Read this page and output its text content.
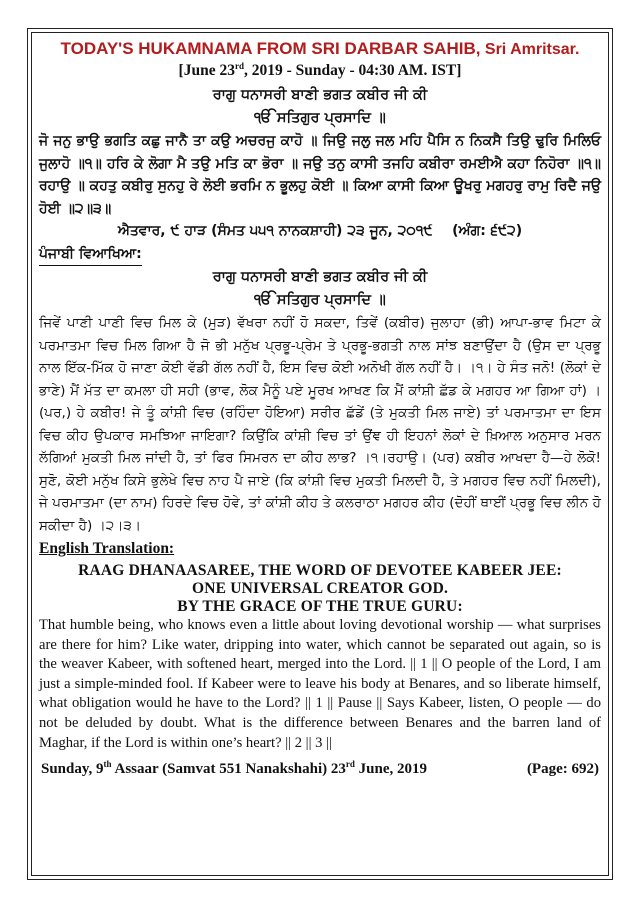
TODAY'S HUKAMNAMA FROM SRI DARBAR SAHIB, Sri Amritsar.
[June 23rd, 2019 - Sunday - 04:30 AM. IST]
ਰਾਗੁ ਧਨਾਸਰੀ ਬਾਣੀ ਭਗਤ ਕਬੀਰ ਜੀ ਕੀ
ੴ ਸਤਿਗੁਰ ਪ੍ਰਸਾਦਿ ॥
ਜੋ ਜਨੁ ਭਾਉ ਭਗਤਿ ਕਛੁ ਜਾਨੈ ਤਾ ਕਉ ਅਚਰਜੁ ਕਾਹੋ ॥ ਜਿਉ ਜਲੁ ਜਲ ਮਹਿ ਪੈਸਿ ਨ ਨਿਕਸੈ ਤਿਉ ਢੁਰਿ ਮਿਲਿਓ ਜੁਲਾਹੋ ॥੧॥ ਹਰਿ ਕੇ ਲੋਗਾ ਮੈ ਤਉ ਮਤਿ ਕਾ ਭੋਰਾ ॥ ਜਉ ਤਨੁ ਕਾਸੀ ਤਜਹਿ ਕਬੀਰਾ ਰਮਈਐ ਕਹਾ ਨਿਹੋਰਾ ॥੧॥ ਰਹਾਉ ॥ ਕਹਤੁ ਕਬੀਰੁ ਸੁਨਹੁ ਰੇ ਲੋਈ ਭਰਮਿ ਨ ਭੂਲਹੁ ਕੋਈ ॥ ਕਿਆ ਕਾਸੀ ਕਿਆ ਊਖਰੁ ਮਗਹਰੁ ਰਾਮੁ ਰਿਦੈ ਜਉ ਹੋਈ ॥੨॥੩॥
ਐਤਵਾਰ, ੯ ਹਾੜ (ਸੰਮਤ ੫੫੧ ਨਾਨਕਸ਼ਾਹੀ) ੨੩ ਜੂਨ, ੨੦੧੯ (ਅੰਗ: ੬੯੨)
ਪੰਜਾਬੀ ਵਿਆਖਿਆ:
ਰਾਗੁ ਧਨਾਸਰੀ ਬਾਣੀ ਭਗਤ ਕਬੀਰ ਜੀ ਕੀ
ੴ ਸਤਿਗੁਰ ਪ੍ਰਸਾਦਿ ॥
ਜਿਵੇਂ ਪਾਣੀ ਪਾਣੀ ਵਿਚ ਮਿਲ ਕੇ (ਮੁੜ) ਵੱਖਰਾ ਨਹੀਂ ਹੋ ਸਕਦਾ, ਤਿਵੇਂ (ਕਬੀਰ) ਜੁਲਾਹਾ (ਭੀ) ਆਪਾ-ਭਾਵ ਮਿਟਾ ਕੇ ਪਰਮਾਤਮਾ ਵਿਚ ਮਿਲ ਗਿਆ ਹੈ ਜੋ ਭੀ ਮਨੁੱਖ ਪ੍ਰਭੂ-ਪ੍ਰੇਮ ਤੇ ਪ੍ਰਭੂ-ਭਗਤੀ ਨਾਲ ਸਾਂਝ ਬਣਾਉਂਦਾ ਹੈ (ਉਸ ਦਾ ਪ੍ਰਭੂ ਨਾਲ ਇੱਕ-ਮਿੱਕ ਹੋ ਜਾਣਾ ਕੋਈ ਵੱਡੀ ਗੱਲ ਨਹੀਂ ਹੈ, ਇਸ ਵਿਚ ਕੋਈ ਅਨੋਖੀ ਗੱਲ ਨਹੀਂ ਹੈ। ।੧। ਹੇ ਸੰਤ ਜਨੋ! (ਲੋਕਾਂ ਦੇ ਭਾਣੇ) ਮੈਂ ਮੱਤ ਦਾ ਕਮਲਾ ਹੀ ਸਹੀ (ਭਾਵ, ਲੋਕ ਮੈਨੂੰ ਪਏ ਮੂਰਖ ਆਖਣ ਕਿ ਮੈਂ ਕਾਂਸ਼ੀ ਛੱਡ ਕੇ ਮਗਹਰ ਆ ਗਿਆ ਹਾਂ) । (ਪਰ,) ਹੇ ਕਬੀਰ! ਜੇ ਤੂੰ ਕਾਂਸ਼ੀ ਵਿਚ (ਰਹਿੰਦਾ ਹੋਇਆ) ਸਰੀਰ ਛੱਡੇਂ (ਤੇ ਮੁਕਤੀ ਮਿਲ ਜਾਏ) ਤਾਂ ਪਰਮਾਤਮਾ ਦਾ ਇਸ ਵਿਚ ਕੀਹ ਉਪਕਾਰ ਸਮਝਿਆ ਜਾਇਗਾ? ਕਿਉਂਕਿ ਕਾਂਸ਼ੀ ਵਿਚ ਤਾਂ ਉਂਞ ਹੀ ਇਹਨਾਂ ਲੋਕਾਂ ਦੇ ਖ਼ਿਆਲ ਅਨੁਸਾਰ ਮਰਨ ਲੱਗਿਆਂ ਮੁਕਤੀ ਮਿਲ ਜਾਂਦੀ ਹੈ, ਤਾਂ ਫਿਰ ਸਿਮਰਨ ਦਾ ਕੀਹ ਲਾਭ? ।੧।ਰਹਾਉ। (ਪਰ) ਕਬੀਰ ਆਖਦਾ ਹੈ—ਹੇ ਲੋਕੋ! ਸੁਣੋ, ਕੋਈ ਮਨੁੱਖ ਕਿਸੇ ਭੁਲੇਖੇ ਵਿਚ ਨਾਹ ਪੈ ਜਾਏ (ਕਿ ਕਾਂਸ਼ੀ ਵਿਚ ਮੁਕਤੀ ਮਿਲਦੀ ਹੈ, ਤੇ ਮਗਹਰ ਵਿਚ ਨਹੀਂ ਮਿਲਦੀ), ਜੇ ਪਰਮਾਤਮਾ (ਦਾ ਨਾਮ) ਹਿਰਦੇ ਵਿਚ ਹੋਵੇ, ਤਾਂ ਕਾਂਸ਼ੀ ਕੀਹ ਤੇ ਕਲਰਾਠਾ ਮਗਹਰ ਕੀਹ (ਦੋਹੀਂ ਥਾਈਂ ਪ੍ਰਭੂ ਵਿਚ ਲੀਨ ਹੋ ਸਕੀਦਾ ਹੈ) ।੨।੩।
English Translation:
RAAG DHANAASAREE, THE WORD OF DEVOTEE KABEER JEE:
ONE UNIVERSAL CREATOR GOD.
BY THE GRACE OF THE TRUE GURU:
That humble being, who knows even a little about loving devotional worship — what surprises are there for him? Like water, dripping into water, which cannot be separated out again, so is the weaver Kabeer, with softened heart, merged into the Lord. || 1 || O people of the Lord, I am just a simple-minded fool. If Kabeer were to leave his body at Benares, and so liberate himself, what obligation would he have to the Lord? || 1 || Pause || Says Kabeer, listen, O people — do not be deluded by doubt. What is the difference between Benares and the barren land of Maghar, if the Lord is within one’s heart? || 2 || 3 ||
Sunday, 9th Assaar (Samvat 551 Nanakshahi) 23rd June, 2019	(Page: 692)
